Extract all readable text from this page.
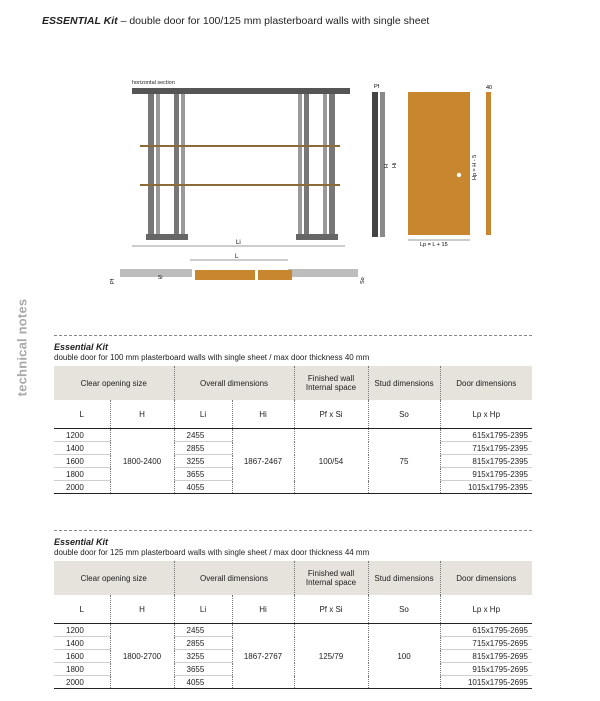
ESSENTIAL Kit – double door for 100/125 mm plasterboard walls with single sheet
technical notes
horizontal section
Li
L
Pf
Si	So
Pf
H Hi
40
Hp = H - 5
Lp = L + 15
Essential Kit
double door for 100 mm plasterboard walls with single sheet / max door thickness 40 mm
Clear opening size		Overall dimensions		Finished wall
Internal space	Stud dimensions	Door dimensions
L	H	Li	Hi	Pf x Si	So	Lp x Hp

1200	1800-2400	2455	1867-2467	100/54	75	615x1795-2395
1400		2855				715x1795-2395
1600		3255				815x1795-2395
1800		3655				915x1795-2395
2000		4055				1015x1795-2395
Essential Kit
double door for 125 mm plasterboard walls with single sheet / max door thickness 44 mm
Clear opening size		Overall dimensions		Finished wall
Internal space	Stud dimensions	Door dimensions
L	H	Li	Hi	Pf x Si	So	Lp x Hp

1200	1800-2700	2455	1867-2767	125/79	100	615x1795-2695
1400		2855				715x1795-2695
1600		3255				815x1795-2695
1800		3655				915x1795-2695
2000		4055				1015x1795-2695
